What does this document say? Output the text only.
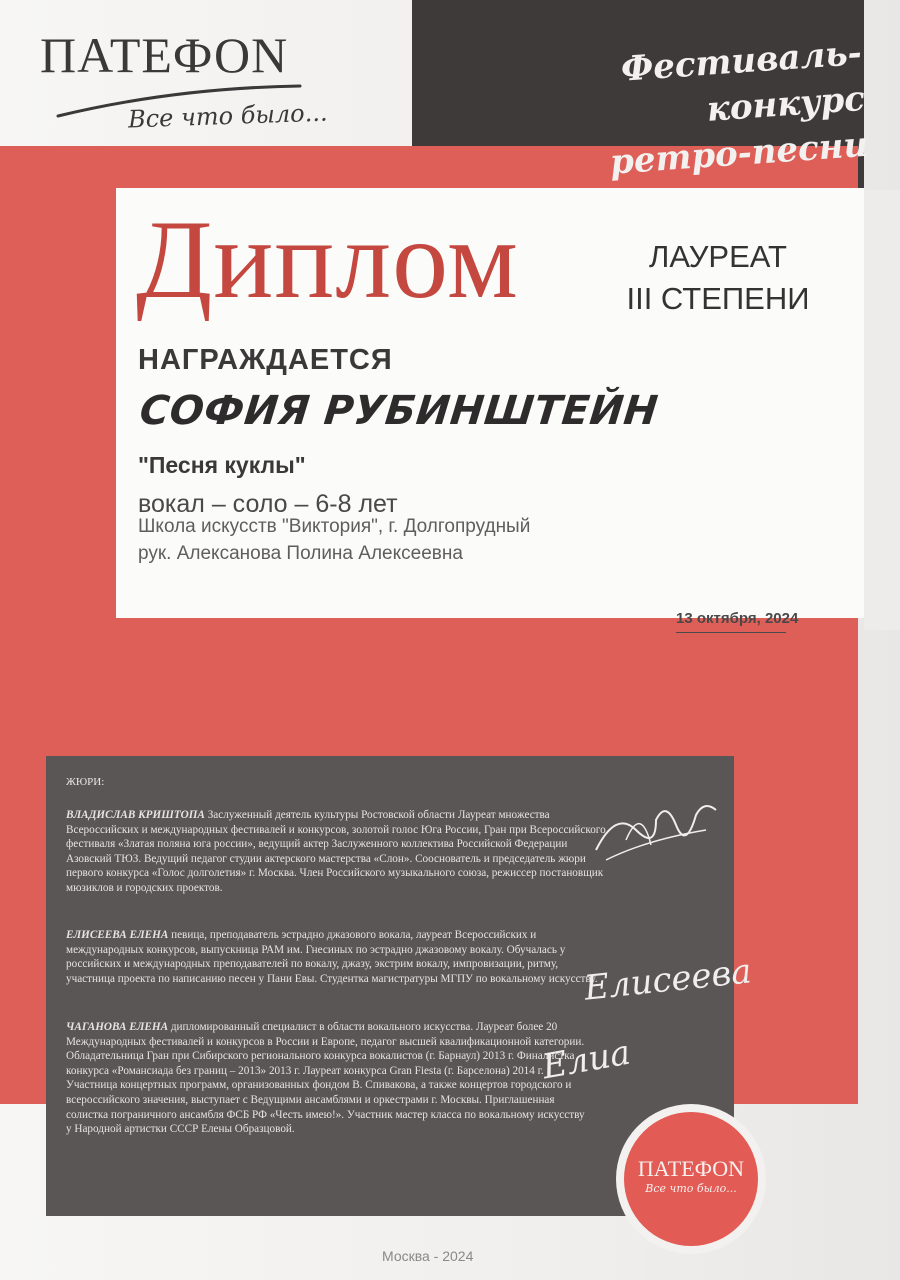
ПАТЕФОN
Все что было...
Фестиваль-конкурс
ретро-песни
Диплом	ЛАУРЕАТ
III СТЕПЕНИ
НАГРАЖДАЕТСЯ
СОФИЯ РУБИНШТЕЙН
"Песня куклы"
вокал – соло – 6-8 лет
Школа искусств "Виктория", г. Долгопрудный
рук. Алексанова Полина Алексеевна
13 октября, 2024
ЖЮРИ:
ВЛАДИСЛАВ КРИШТОПА Заслуженный деятель культуры Ростовской области Лауреат множества Всероссийских и международных фестивалей и конкурсов, золотой голос Юга России, Гран при Всероссийского фестиваля «Златая поляна юга россии», ведущий актер Заслуженного коллектива Российской Федерации Азовский ТЮЗ. Ведущий педагог студии актерского мастерства «Слон». Сооснователь и председатель жюри первого конкурса «Голос долголетия» г. Москва. Член Российского музыкального союза, режиссер постановщик мюзиклов и городских проектов.
ЕЛИСЕЕВА ЕЛЕНА певица, преподаватель эстрадно джазового вокала, лауреат Всероссийских и международных конкурсов, выпускница РАМ им. Гнесиных по эстрадно джазовому вокалу. Обучалась у российских и международных преподавателей по вокалу, джазу, экстрим вокалу, импровизации, ритму, участница проекта по написанию песен у Пани Евы. Студентка магистратуры МГПУ по вокальному искусству.
ЧАГАНОВА ЕЛЕНА дипломированный специалист в области вокального искусства. Лауреат более 20 Международных фестивалей и конкурсов в России и Европе, педагог высшей квалификационной категории. Обладательница Гран при Сибирского регионального конкурса вокалистов (г. Барнаул) 2013 г. Финалистка конкурса «Романсиада без границ – 2013» 2013 г. Лауреат конкурса Gran Fiesta (г. Барселона) 2014 г. Участница концертных программ, организованных фондом В. Спивакова, а также концертов городского и всероссийского значения, выступает с Ведущими ансамблями и оркестрами г. Москвы. Приглашенная солистка пограничного ансамбля ФСБ РФ «Честь имею!». Участник мастер класса по вокальному искусству у Народной артистки СССР Елены Образцовой.
Елисеева
Елиа
ПАТЕФОN
Все что было...
Москва - 2024
